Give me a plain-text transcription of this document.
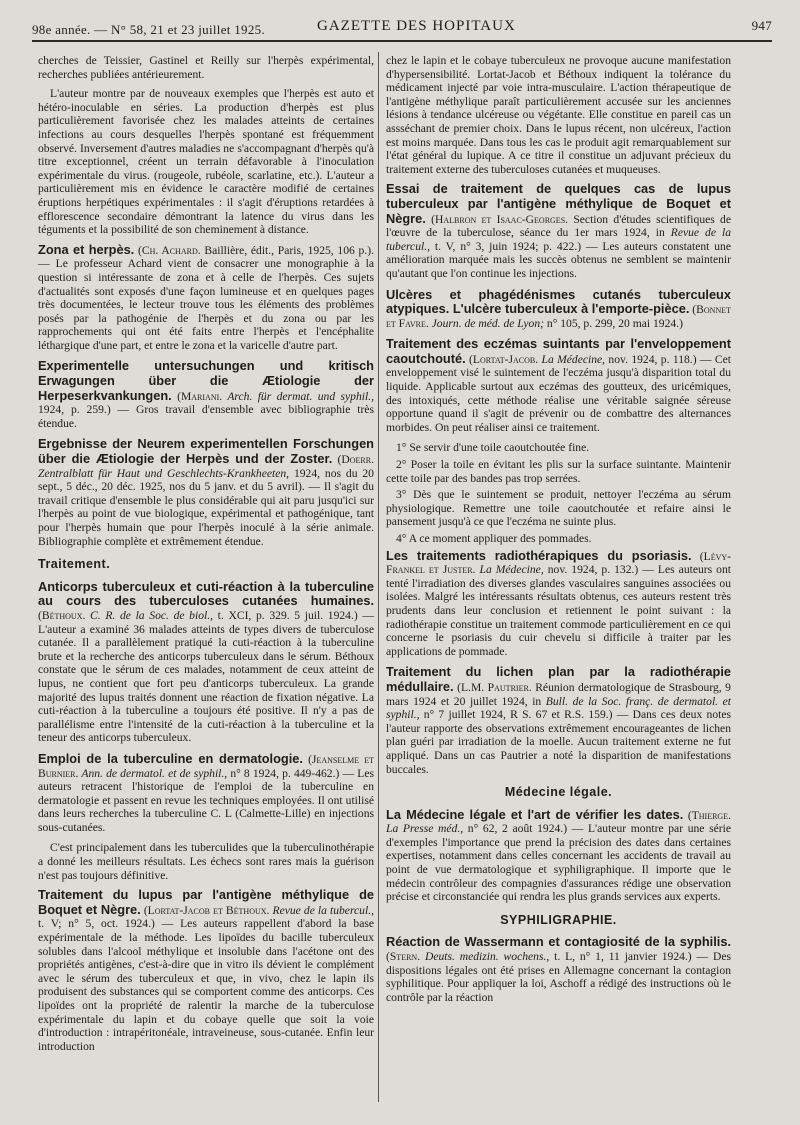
98e année. — N° 58, 21 et 23 juillet 1925.	GAZETTE DES HOPITAUX	947

cherches de Teissier, Gastinel et Reilly sur l'herpès expérimental, recherches publiées antérieurement.

L'auteur montre par de nouveaux exemples que l'herpès est auto et hétéro-inoculable en séries. La production d'herpès est plus particulièrement favorisée chez les malades atteints de certaines infections au cours desquelles l'herpès spontané est fréquemment observé. Inversement d'autres maladies ne s'accompagnant d'herpès qu'à titre exceptionnel, créent un terrain défavorable à l'inoculation expérimentale du virus. (rougeole, rubéole, scarlatine, etc.). L'auteur a particulièrement mis en évidence le caractère modifié de certaines éruptions herpétiques expérimentales : il s'agit d'éruptions retardées à efflorescence secondaire démontrant la latence du virus dans les téguments et la possibilité de son cheminement à distance.

Zona et herpès. (Ch. Achard. Baillière, édit., Paris, 1925, 106 p.). — Le professeur Achard vient de consacrer une monographie à la question si intéressante de zona et à celle de l'herpès. Ces sujets d'actualités sont exposés d'une façon lumineuse et en quelques pages très documentées, le lecteur trouve tous les éléments des problèmes posés par la pathogénie de l'herpès et du zona ou par les rapprochements qui ont été faits entre l'herpès et l'encéphalite léthargique d'une part, et entre le zona et la varicelle d'autre part.

Experimentelle untersuchungen und kritisch Erwagungen über die Ætiologie der Herpeserkvankungen. (Mariani. Arch. für dermat. und syphil., 1924, p. 259.) — Gros travail d'ensemble avec bibliographie très étendue.

Ergebnisse der Neurem experimentellen Forschungen über die Ætiologie der Herpès und der Zoster. (Doerr. Zentralblatt für Haut und Geschlechts-Krankheeten, 1924, nos du 20 sept., 5 déc., 20 déc. 1925, nos du 5 janv. et du 5 avril). — Il s'agit du travail critique d'ensemble le plus considérable qui ait paru jusqu'ici sur l'herpès au point de vue biologique, expérimental et pathogénique, tant pour l'herpès humain que pour l'herpès inoculé à la série animale. Bibliographie complète et extrêmement étendue.

Traitement.

Anticorps tuberculeux et cuti-réaction à la tuberculine au cours des tuberculoses cutanées humaines. (Béthoux. C. R. de la Soc. de biol., t. XCI, p. 329. 5 juil. 1924.) — L'auteur a examiné 36 malades atteints de types divers de tuberculose cutanée. Il a parallèlement pratiqué la cuti-réaction à la tuberculine brute et la recherche des anticorps tuberculeux dans le sérum. Béthoux constate que le sérum de ces malades, notamment de ceux atteint de lupus, ne contient que fort peu d'anticorps tuberculeux. La grande majorité des lupus traités donnent une réaction de fixation négative. La cuti-réaction à la tuberculine a toujours été positive. Il n'y a pas de parallélisme entre l'intensité de la cuti-réaction à la tuberculine et la teneur des anticorps tuberculeux.

Emploi de la tuberculine en dermatologie. (Jeanselme et Burnier. Ann. de dermatol. et de syphil., n° 8 1924, p. 449-462.) — Les auteurs retracent l'historique de l'emploi de la tuberculine en dermatologie et passent en revue les techniques employées. Il ont utilisé dans leurs recherches la tuberculine C. L (Calmette-Lille) en injections sous-cutanées.

C'est principalement dans les tuberculides que la tuberculinothérapie a donné les meilleurs résultats. Les échecs sont rares mais la guérison n'est pas toujours définitive.

Traitement du lupus par l'antigène méthylique de Boquet et Nègre. (Lortat-Jacob et Béthoux. Revue de la tubercul., t. V; n° 5, oct. 1924.) — Les auteurs rappellent d'abord la base expérimentale de la méthode. Les lipoïdes du bacille tuberculeux solubles dans l'alcool méthylique et insoluble dans l'acétone ont des propriétés antigènes, c'est-à-dire que in vitro ils dévient le complément avec le sérum des tuberculeux et que, in vivo, chez le lapin ils produisent des substances qui se comportent comme des anticorps. Ces lipoïdes ont la propriété de ralentir la marche de la tuberculose expérimentale du lapin et du cobaye quelle que soit la voie d'introduction : intrapéritonéale, intraveineuse, sous-cutanée. Enfin leur introduction

chez le lapin et le cobaye tuberculeux ne provoque aucune manifestation d'hypersensibilité. Lortat-Jacob et Béthoux indiquent la tolérance du médicament injecté par voie intra-musculaire. L'action thérapeutique de l'antigène méthylique paraît particulièrement accusée sur les anciennes lésions à tendance ulcéreuse ou végétante. Elle constitue en pareil cas un assséchant de premier choix. Dans le lupus récent, non ulcéreux, l'action est moins marquée. Dans tous les cas le produit agit remarquablement sur l'état général du lupique. A ce titre il constitue un adjuvant précieux du traitement externe des tuberculoses cutanées et muqueuses.

Essai de traitement de quelques cas de lupus tuberculeux par l'antigène méthylique de Boquet et Nègre. (Halbron et Isaac-Georges. Section d'études scientifiques de l'œuvre de la tuberculose, séance du 1er mars 1924, in Revue de la tubercul., t. V, n° 3, juin 1924; p. 422.) — Les auteurs constatent une amélioration marquée mais les succès obtenus ne semblent se maintenir qu'autant que l'on continue les injections.

Ulcères et phagédénismes cutanés tuberculeux atypiques. L'ulcère tuberculeux à l'emporte-pièce. (Bonnet et Favre. Journ. de méd. de Lyon; n° 105, p. 299, 20 mai 1924.)

Traitement des eczémas suintants par l'enveloppement caoutchouté. (Lortat-Jacob. La Médecine, nov. 1924, p. 118.) — Cet enveloppement visé le suintement de l'eczéma jusqu'à disparition total du liquide. Applicable surtout aux eczémas des goutteux, des uricémiques, des intoxiqués, cette méthode réalise une véritable saignée séreuse opportune quand il s'agit de prévenir ou de combattre des alternances morbides. On peut réaliser ainsi ce traitement.

1° Se servir d'une toile caoutchoutée fine.

2° Poser la toile en évitant les plis sur la surface suintante. Maintenir cette toile par des bandes pas trop serrées.

3° Dès que le suintement se produit, nettoyer l'eczéma au sérum physiologique. Remettre une toile caoutchoutée et refaire ainsi le pansement jusqu'à ce que l'eczéma ne suinte plus.

4° A ce moment appliquer des pommades.

Les traitements radiothérapiques du psoriasis. (Lévy-Frankel et Juster. La Médecine, nov. 1924, p. 132.) — Les auteurs ont tenté l'irradiation des diverses glandes vasculaires sanguines associées ou isolées. Malgré les intéressants résultats obtenus, ces auteurs restent très prudents dans leur conclusion et retiennent le point suivant : la radiothérapie constitue un traitement commode particulièrement en ce qui concerne le psoriasis du cuir chevelu si difficile à traiter par les applications de pommade.

Traitement du lichen plan par la radiothérapie médullaire. (L.M. Pautrier. Réunion dermatologique de Strasbourg, 9 mars 1924 et 20 juillet 1924, in Bull. de la Soc. franç. de dermatol. et syphil., n° 7 juillet 1924, R S. 67 et R.S. 159.) — Dans ces deux notes l'auteur rapporte des observations extrêmement encourageantes de lichen plan guéri par irradiation de la moelle. Aucun traitement externe ne fut appliqué. Dans un cas Pautrier a noté la disparition de manifestations buccales.

Médecine légale.

La Médecine légale et l'art de vérifier les dates. (Thierge. La Presse méd., n° 62, 2 août 1924.) — L'auteur montre par une série d'exemples l'importance que prend la précision des dates dans certaines expertises, notamment dans celles concernant les accidents de travail au point de vue dermatologique et syphiligraphique. Il importe que le médecin contrôleur des compagnies d'assurances rédige une observation précise et circonstanciée qui rendra les plus grands services aux experts.

SYPHILIGRAPHIE.

Réaction de Wassermann et contagiosité de la syphilis. (Stern. Deuts. medizin. wochens., t. L, n° 1, 11 janvier 1924.) — Des dispositions légales ont été prises en Allemagne concernant la contagion syphilitique. Pour appliquer la loi, Aschoff a rédigé des instructions où le contrôle par la réaction
